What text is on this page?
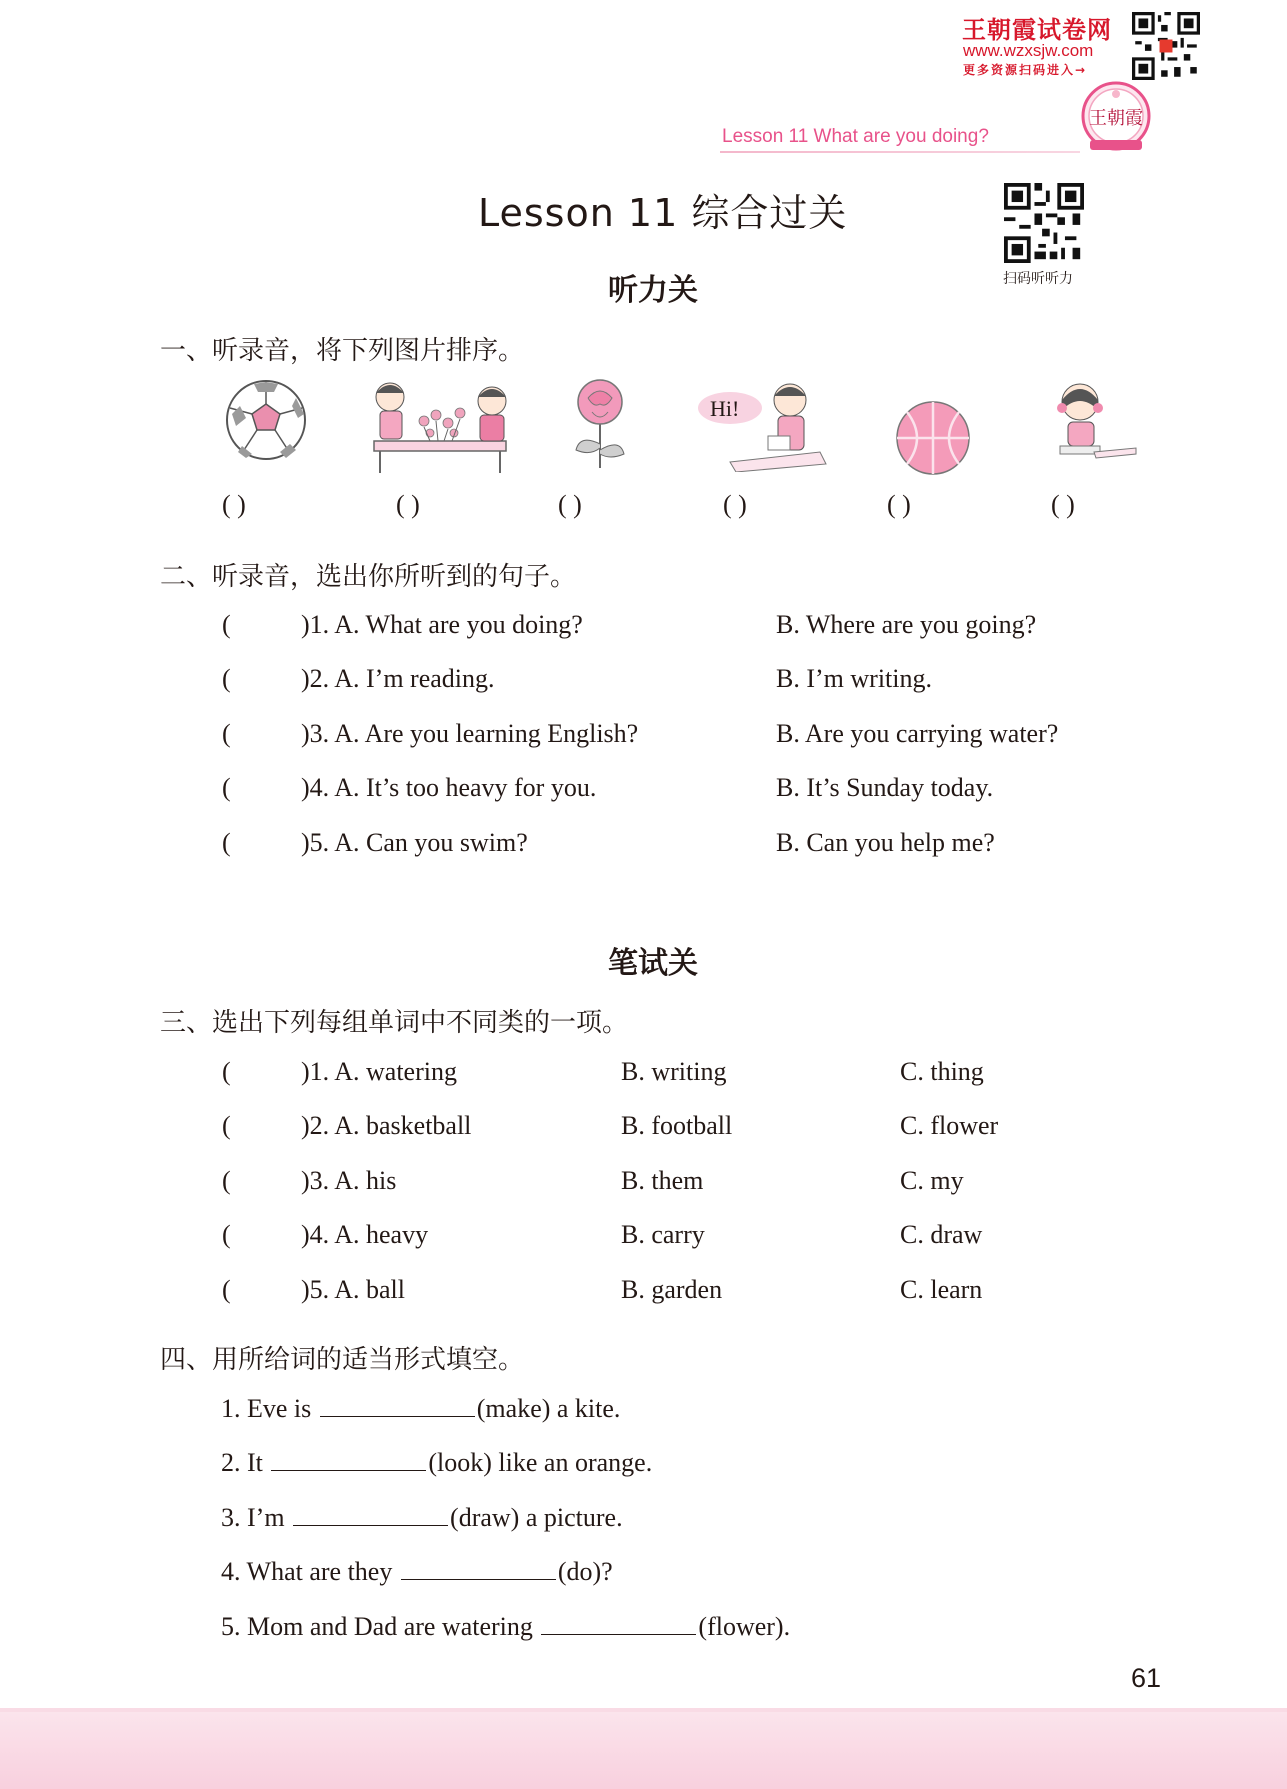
王朝霞试卷网
www.wzxsjw.com
更多资源扫码进入→
王朝霞
Lesson 11 What are you doing?
Lesson 11 综合过关
扫码听听力
听力关
一、听录音，将下列图片排序。
Hi!
( )	( )	( )	( )	( )	( )
二、听录音，选出你所听到的句子。
(	)1. A. What are you doing?	B. Where are you going?
(	)2. A. I’m reading.	B. I’m writing.
(	)3. A. Are you learning English?	B. Are you carrying water?
(	)4. A. It’s too heavy for you.	B. It’s Sunday today.
(	)5. A. Can you swim?	B. Can you help me?
笔试关
三、选出下列每组单词中不同类的一项。
(	)1. A. watering	B. writing	C. thing
(	)2. A. basketball	B. football	C. flower
(	)3. A. his	B. them	C. my
(	)4. A. heavy	B. carry	C. draw
(	)5. A. ball	B. garden	C. learn
四、用所给词的适当形式填空。
1. Eve is	(make) a kite.
2. It	(look) like an orange.
3. I’m	(draw) a picture.
4. What are they	(do)?
5. Mom and Dad are watering	(flower).
61
